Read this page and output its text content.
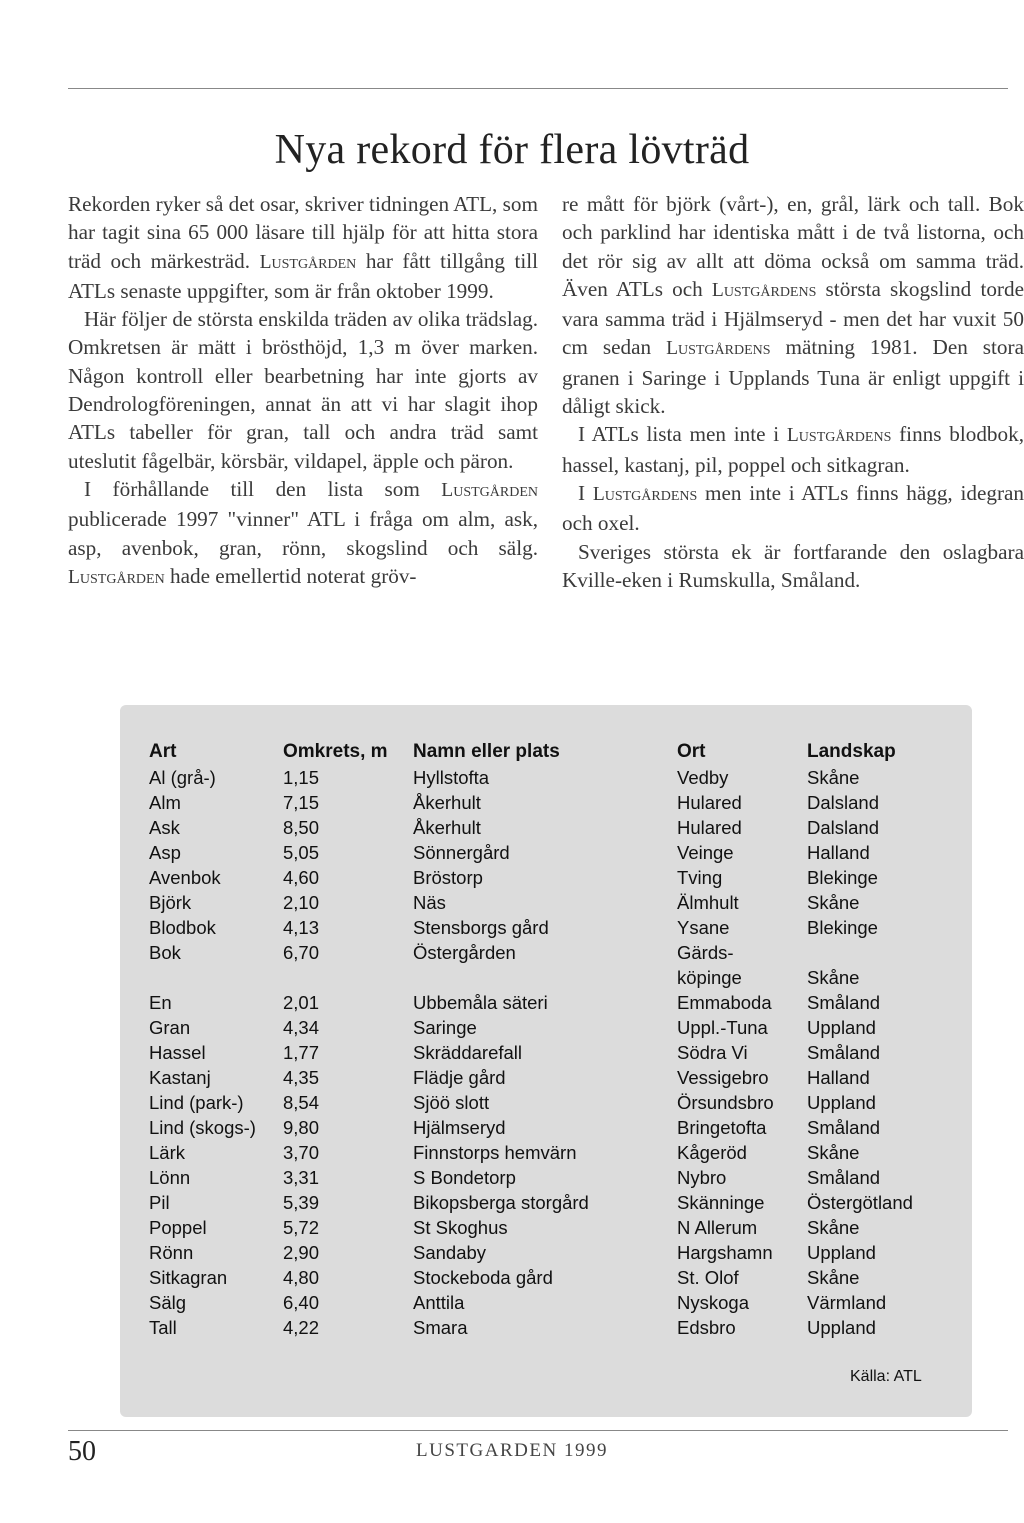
Nya rekord för flera lövträd

Rekorden ryker så det osar, skriver tidningen ATL, som har tagit sina 65 000 läsare till hjälp för att hitta stora träd och märkesträd. Lustgården har fått tillgång till ATLs senaste uppgifter, som är från oktober 1999.

Här följer de största enskilda träden av olika trädslag. Omkretsen är mätt i brösthöjd, 1,3 m över marken. Någon kontroll eller bearbetning har inte gjorts av Dendrologföreningen, annat än att vi har slagit ihop ATLs tabeller för gran, tall och andra träd samt uteslutit fågelbär, körsbär, vildapel, äpple och päron.

I förhållande till den lista som Lustgården publicerade 1997 "vinner" ATL i fråga om alm, ask, asp, avenbok, gran, rönn, skogslind och sälg. Lustgården hade emellertid noterat gröv-

re mått för björk (vårt-), en, grål, lärk och tall. Bok och parklind har identiska mått i de två listorna, och det rör sig av allt att döma också om samma träd. Även ATLs och Lustgårdens största skogslind torde vara samma träd i Hjälmseryd - men det har vuxit 50 cm sedan Lustgårdens mätning 1981. Den stora granen i Saringe i Upplands Tuna är enligt uppgift i dåligt skick.

I ATLs lista men inte i Lustgårdens finns blodbok, hassel, kastanj, pil, poppel och sitkagran.

I Lustgårdens men inte i ATLs finns hägg, idegran och oxel.

Sveriges största ek är fortfarande den oslagbara Kville-eken i Rumskulla, Småland.

Art	Omkrets, m	Namn eller plats	Ort	Landskap
Al (grå-)	1,15	Hyllstofta	Vedby	Skåne
Alm	7,15	Åkerhult	Hulared	Dalsland
Ask	8,50	Åkerhult	Hulared	Dalsland
Asp	5,05	Sönnergård	Veinge	Halland
Avenbok	4,60	Bröstorp	Tving	Blekinge
Björk	2,10	Näs	Älmhult	Skåne
Blodbok	4,13	Stensborgs gård	Ysane	Blekinge
Bok	6,70	Östergården	Gärds-	
			köpinge	Skåne
En	2,01	Ubbemåla säteri	Emmaboda	Småland
Gran	4,34	Saringe	Uppl.-Tuna	Uppland
Hassel	1,77	Skräddarefall	Södra Vi	Småland
Kastanj	4,35	Flädje gård	Vessigebro	Halland
Lind (park-)	8,54	Sjöö slott	Örsundsbro	Uppland
Lind (skogs-)	9,80	Hjälmseryd	Bringetofta	Småland
Lärk	3,70	Finnstorps hemvärn	Kågeröd	Skåne
Lönn	3,31	S Bondetorp	Nybro	Småland
Pil	5,39	Bikopsberga storgård	Skänninge	Östergötland
Poppel	5,72	St Skoghus	N Allerum	Skåne
Rönn	2,90	Sandaby	Hargshamn	Uppland
Sitkagran	4,80	Stockeboda gård	St. Olof	Skåne
Sälg	6,40	Anttila	Nyskoga	Värmland
Tall	4,22	Smara	Edsbro	Uppland
Källa: ATL
50	LUSTGARDEN 1999
